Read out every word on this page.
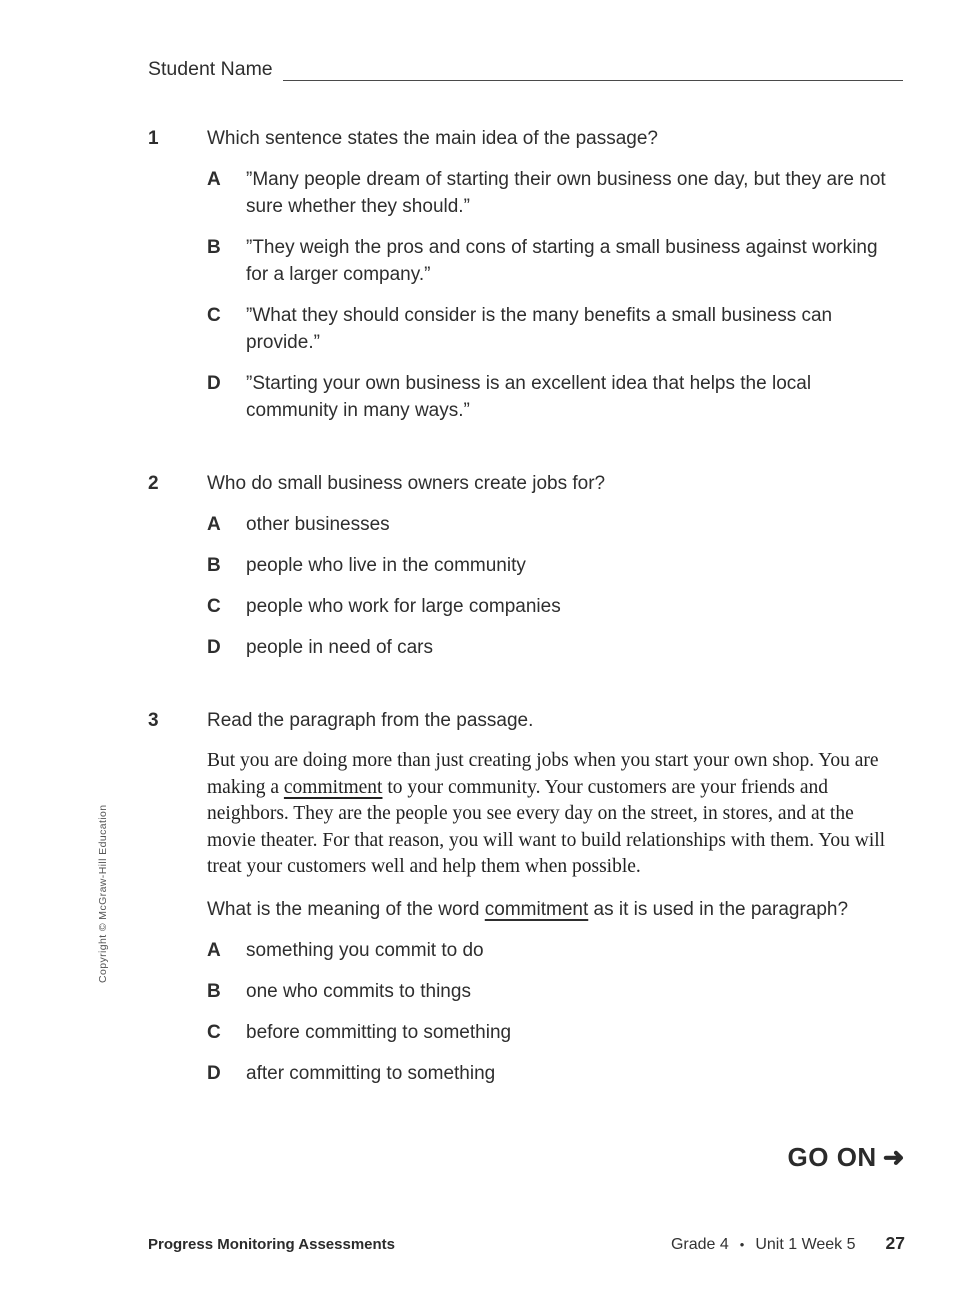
Copyright © McGraw-Hill Education
Student Name
1	Which sentence states the main idea of the passage?
A	”Many people dream of starting their own business one day, but they are not sure whether they should.”
B	”They weigh the pros and cons of starting a small business against working for a larger company.”
C	”What they should consider is the many benefits a small business can provide.”
D	”Starting your own business is an excellent idea that helps the local community in many ways.”
2	Who do small business owners create jobs for?
A	other businesses
B	people who live in the community
C	people who work for large companies
D	people in need of cars
3	Read the paragraph from the passage.
But you are doing more than just creating jobs when you start your own shop. You are making a commitment to your community. Your customers are your friends and neighbors. They are the people you see every day on the street, in stores, and at the movie theater. For that reason, you will want to build relationships with them. You will treat your customers well and help them when possible.
What is the meaning of the word commitment as it is used in the paragraph?
A	something you commit to do
B	one who commits to things
C	before committing to something
D	after committing to something
GO ON ➜
Progress Monitoring Assessments	Grade 4 • Unit 1 Week 5 27
